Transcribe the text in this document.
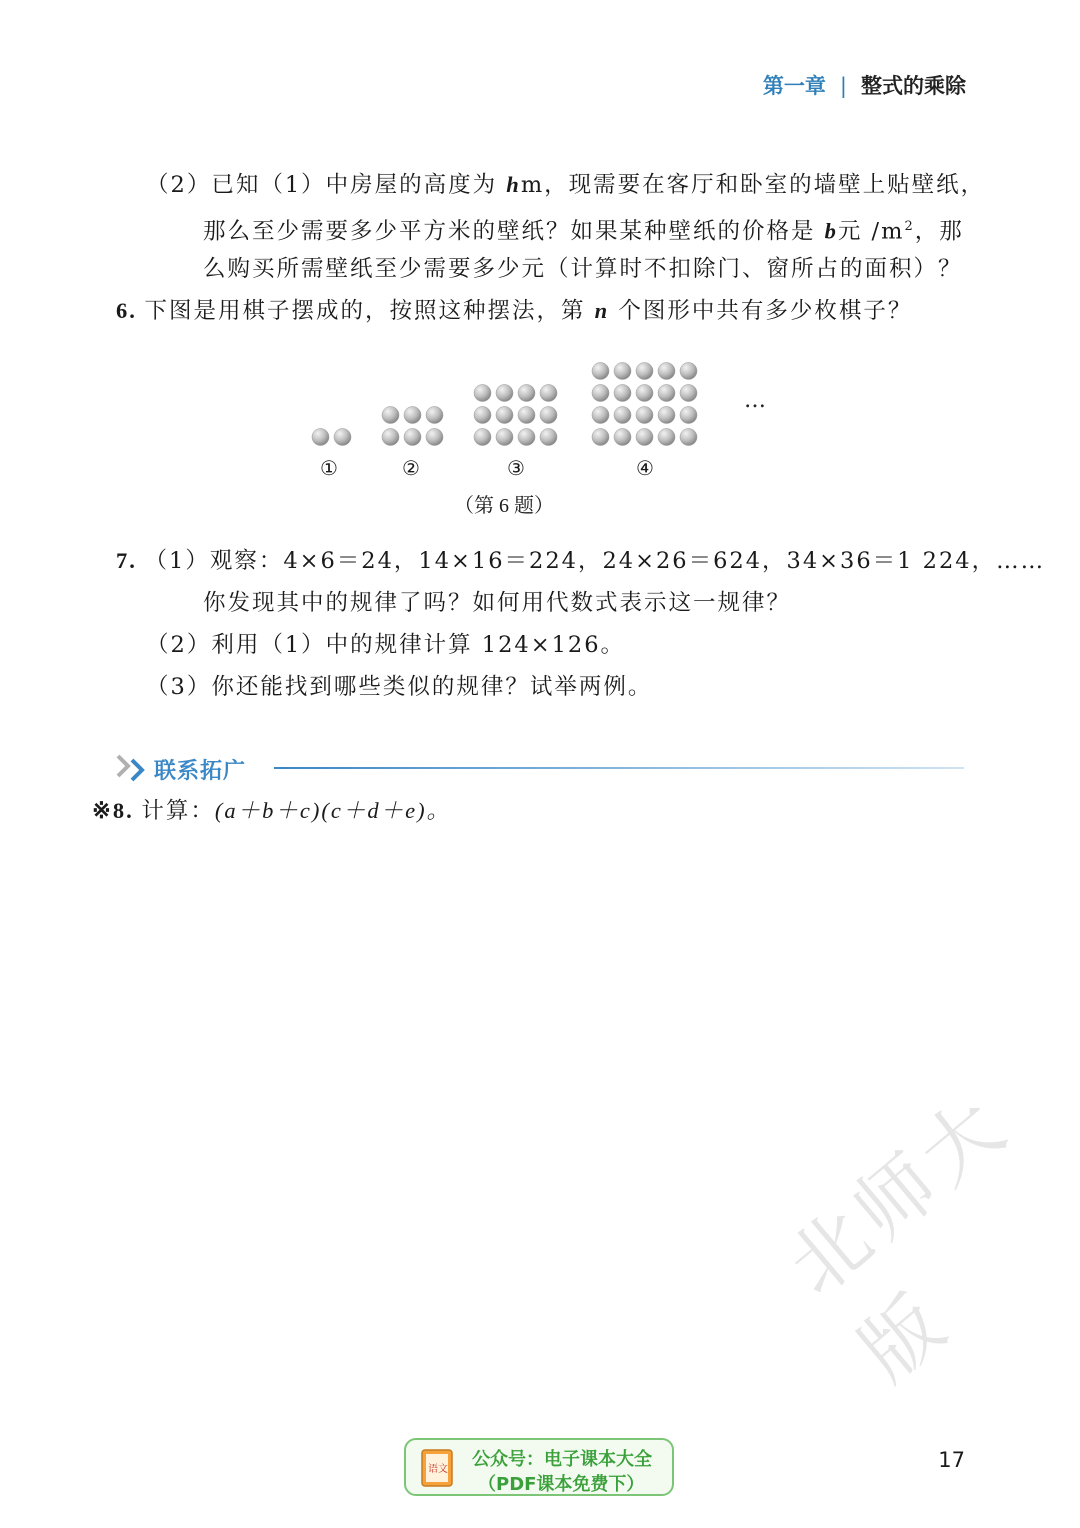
第一章 | 整式的乘除
（2）已知（1）中房屋的高度为 hm，现需要在客厅和卧室的墙壁上贴壁纸，
那么至少需要多少平方米的壁纸？如果某种壁纸的价格是 b元 $/m^2$，那
么购买所需壁纸至少需要多少元（计算时不扣除门、窗所占的面积）？
6. 下图是用棋子摆成的，按照这种摆法，第 n 个图形中共有多少枚棋子？
…
①	②	③	④
（第 6 题）
7. （1）观察：4×6＝24，14×16＝224，24×26＝624，34×36＝1 224，……
你发现其中的规律了吗？如何用代数式表示这一规律？
（2）利用（1）中的规律计算 124×126。
（3）你还能找到哪些类似的规律？试举两例。
联系拓广
※8. 计算：(a＋b＋c)(c＋d＋e)。
北师大版
17
语文 公众号：电子课本大全
（PDF课本免费下）
